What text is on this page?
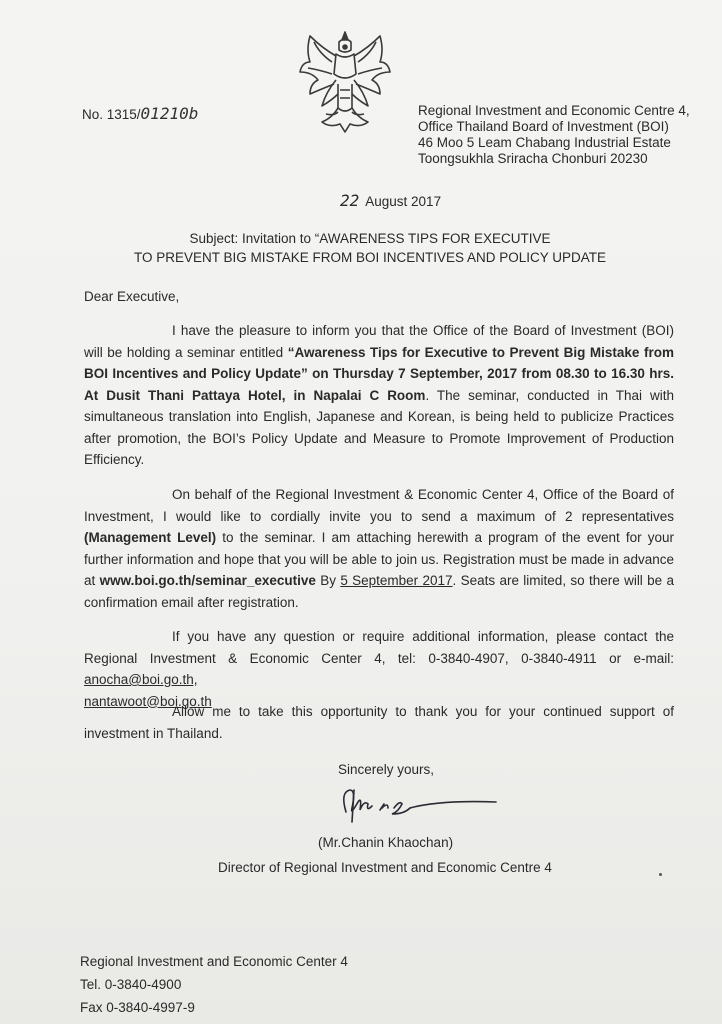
No. 1315/01210b	Regional Investment and Economic Centre 4,
Office Thailand Board of Investment (BOI)
46 Moo 5 Leam Chabang Industrial Estate
Toongsukhla Sriracha Chonburi 20230
22 August 2017
Subject: Invitation to “AWARENESS TIPS FOR EXECUTIVE
TO PREVENT BIG MISTAKE FROM BOI INCENTIVES AND POLICY UPDATE
Dear Executive,
I have the pleasure to inform you that the Office of the Board of Investment (BOI) will be holding a seminar entitled “Awareness Tips for Executive to Prevent Big Mistake from BOI Incentives and Policy Update” on Thursday 7 September, 2017 from 08.30 to 16.30 hrs. At Dusit Thani Pattaya Hotel, in Napalai C Room. The seminar, conducted in Thai with simultaneous translation into English, Japanese and Korean, is being held to publicize Practices after promotion, the BOI’s Policy Update and Measure to Promote Improvement of Production Efficiency.
On behalf of the Regional Investment & Economic Center 4, Office of the Board of Investment, I would like to cordially invite you to send a maximum of 2 representatives (Management Level) to the seminar. I am attaching herewith a program of the event for your further information and hope that you will be able to join us. Registration must be made in advance at www.boi.go.th/seminar_executive By 5 September 2017. Seats are limited, so there will be a confirmation email after registration.
If you have any question or require additional information, please contact the Regional Investment & Economic Center 4, tel: 0-3840-4907, 0-3840-4911 or e-mail: anocha@boi.go.th,
nantawoot@boi.go.th
Allow me to take this opportunity to thank you for your continued support of investment in Thailand.
Sincerely yours,
(Mr.Chanin Khaochan)
Director of Regional Investment and Economic Centre 4
Regional Investment and Economic Center 4
Tel. 0-3840-4900
Fax 0-3840-4997-9
